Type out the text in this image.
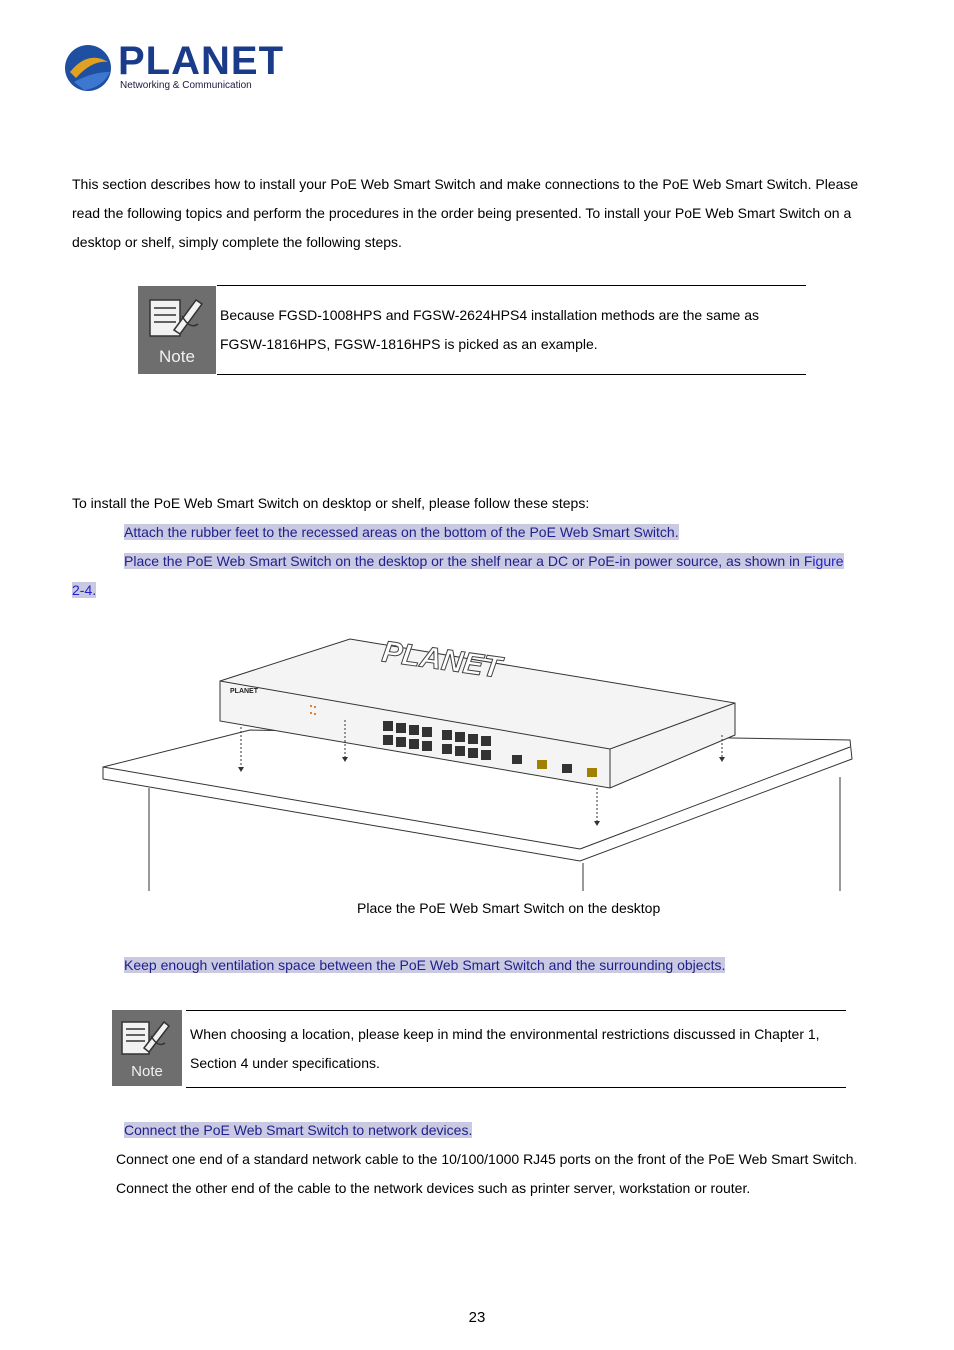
PLANET
Networking & Communication
This section describes how to install your PoE Web Smart Switch and make connections to the PoE Web Smart Switch. Please
read the following topics and perform the procedures in the order being presented. To install your PoE Web Smart Switch on a
desktop or shelf, simply complete the following steps.
Note
Because FGSD-1008HPS and FGSW-2624HPS4 installation methods are the same as
FGSW-1816HPS, FGSW-1816HPS is picked as an example.
To install the PoE Web Smart Switch on desktop or shelf, please follow these steps:
Attach the rubber feet to the recessed areas on the bottom of the PoE Web Smart Switch.
Place the PoE Web Smart Switch on the desktop or the shelf near a DC or PoE-in power source, as shown in Figure
2-4.
PLANET
PLANET
Place the PoE Web Smart Switch on the desktop
Keep enough ventilation space between the PoE Web Smart Switch and the surrounding objects.
Note
When choosing a location, please keep in mind the environmental restrictions discussed in Chapter 1,
Section 4 under specifications.
Connect the PoE Web Smart Switch to network devices.
Connect one end of a standard network cable to the 10/100/1000 RJ45 ports on the front of the PoE Web Smart Switch.
Connect the other end of the cable to the network devices such as printer server, workstation or router.
23
